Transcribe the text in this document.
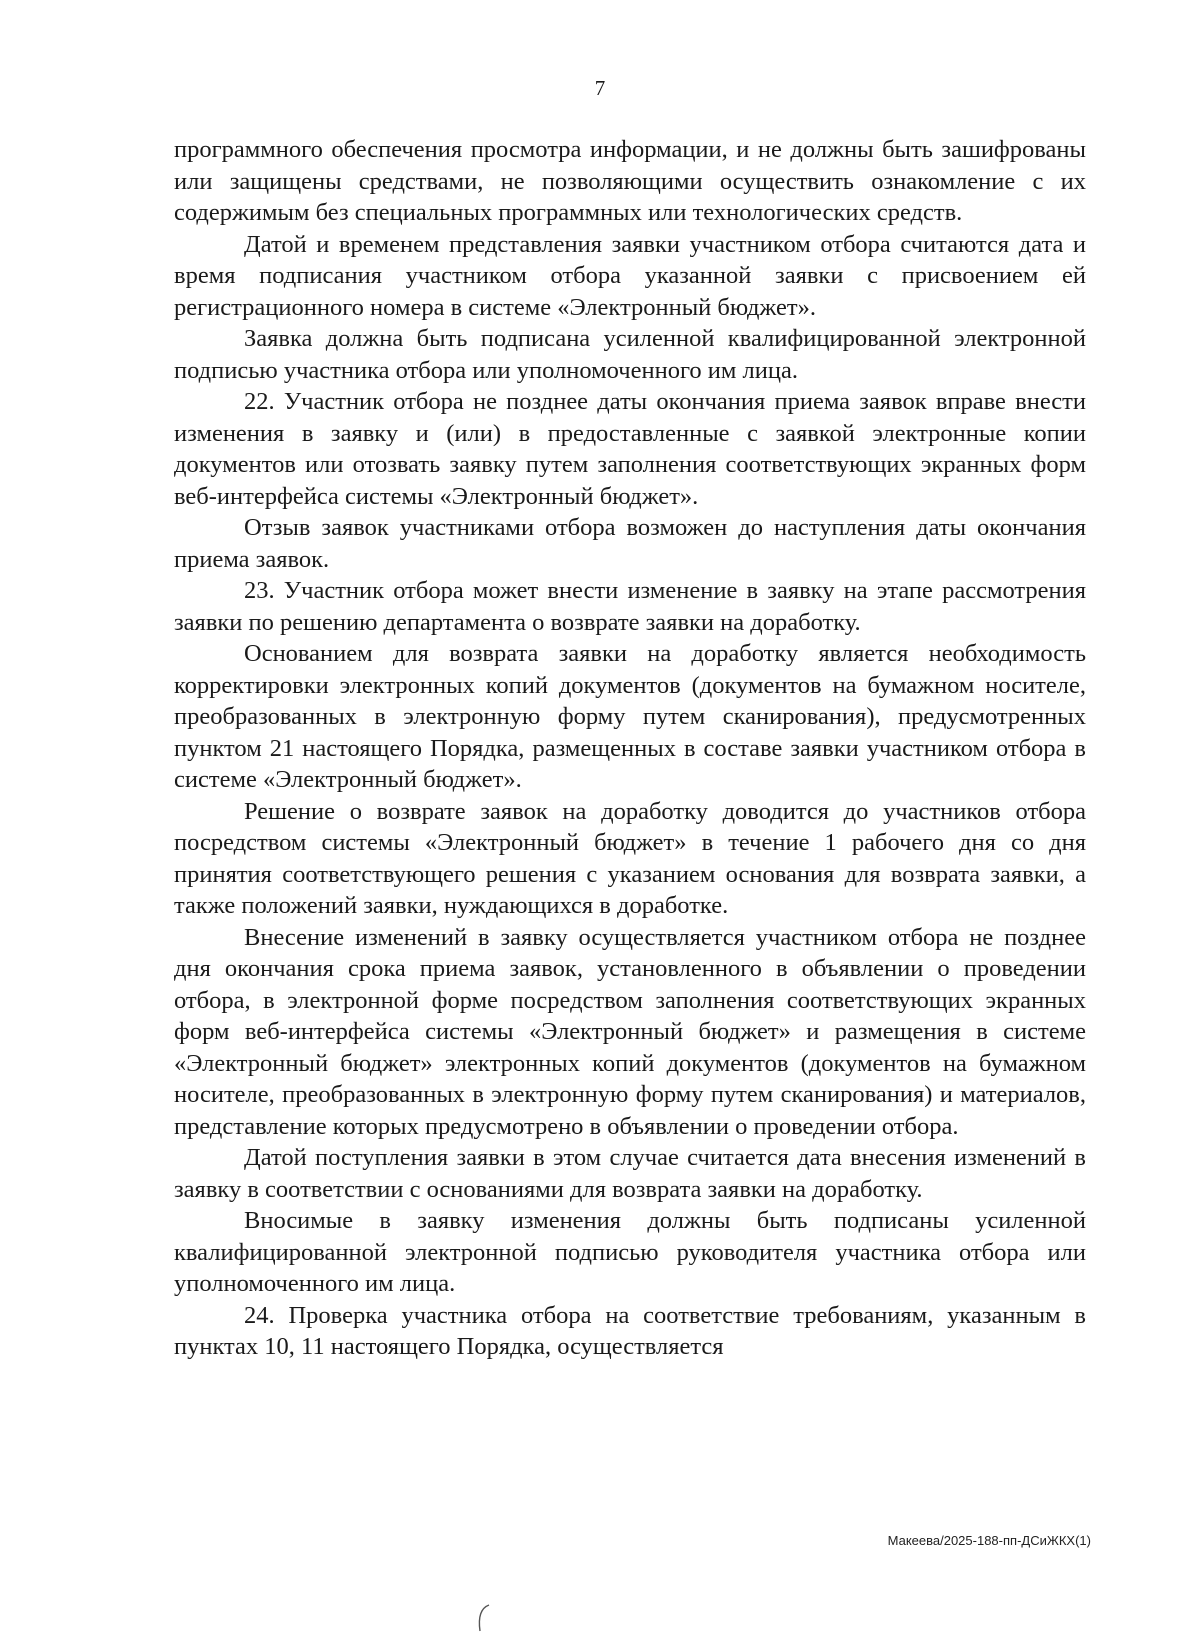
7

программного обеспечения просмотра информации, и не должны быть зашифрованы или защищены средствами, не позволяющими осуществить ознакомление с их содержимым без специальных программных или технологических средств.

Датой и временем представления заявки участником отбора считаются дата и время подписания участником отбора указанной заявки с присвоением ей регистрационного номера в системе «Электронный бюджет».

Заявка должна быть подписана усиленной квалифицированной электронной подписью участника отбора или уполномоченного им лица.

22. Участник отбора не позднее даты окончания приема заявок вправе внести изменения в заявку и (или) в предоставленные с заявкой электронные копии документов или отозвать заявку путем заполнения соответствующих экранных форм веб-интерфейса системы «Электронный бюджет».

Отзыв заявок участниками отбора возможен до наступления даты окончания приема заявок.

23. Участник отбора может внести изменение в заявку на этапе рассмотрения заявки по решению департамента о возврате заявки на доработку.

Основанием для возврата заявки на доработку является необходимость корректировки электронных копий документов (документов на бумажном носителе, преобразованных в электронную форму путем сканирования), предусмотренных пунктом 21 настоящего Порядка, размещенных в составе заявки участником отбора в системе «Электронный бюджет».

Решение о возврате заявок на доработку доводится до участников отбора посредством системы «Электронный бюджет» в течение 1 рабочего дня со дня принятия соответствующего решения с указанием основания для возврата заявки, а также положений заявки, нуждающихся в доработке.

Внесение изменений в заявку осуществляется участником отбора не позднее дня окончания срока приема заявок, установленного в объявлении о проведении отбора, в электронной форме посредством заполнения соответствующих экранных форм веб-интерфейса системы «Электронный бюджет» и размещения в системе «Электронный бюджет» электронных копий документов (документов на бумажном носителе, преобразованных в электронную форму путем сканирования) и материалов, представление которых предусмотрено в объявлении о проведении отбора.

Датой поступления заявки в этом случае считается дата внесения изменений в заявку в соответствии с основаниями для возврата заявки на доработку.

Вносимые в заявку изменения должны быть подписаны усиленной квалифицированной электронной подписью руководителя участника отбора или уполномоченного им лица.

24. Проверка участника отбора на соответствие требованиям, указанным в пунктах 10, 11 настоящего Порядка, осуществляется

Макеева/2025-188-пп-ДСиЖКХ(1)
